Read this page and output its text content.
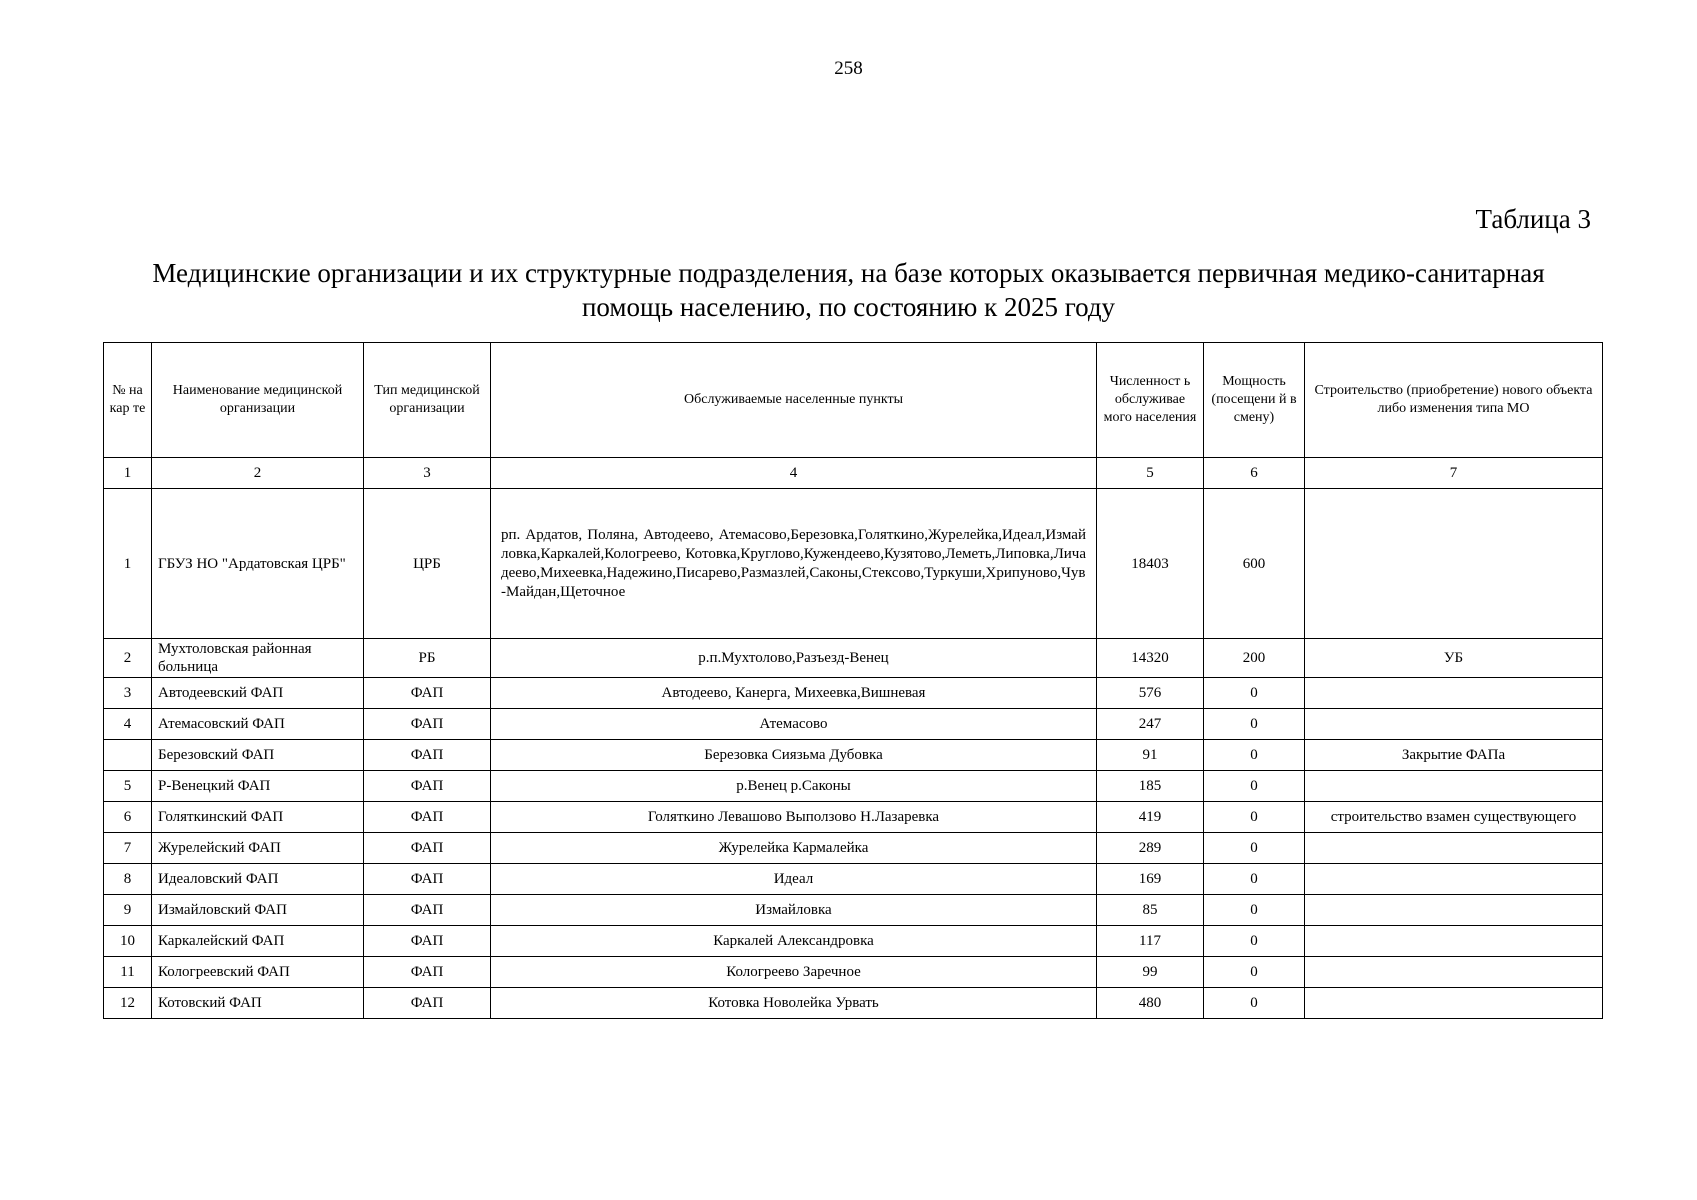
258
Таблица 3
Медицинские организации и их структурные подразделения, на базе которых оказывается первичная медико-санитарная
помощь населению, по состоянию к 2025 году
№ на кар те	Наименование медицинской организации	Тип медицинской организации	Обслуживаемые населенные пункты	Численност ь обслуживае мого населения	Мощность (посещени й в смену)	Строительство (приобретение) нового объекта либо изменения типа МО
1	2	3	4	5	6	7
1	ГБУЗ НО "Ардатовская ЦРБ"	ЦРБ	рп. Ардатов, Поляна, Автодеево, Атемасово,Березовка,Голяткино,Журелейка,Идеал,Измайловка,Каркалей,Кологреево, Котовка,Круглово,Кужендеево,Кузятово,Леметь,Липовка,Личадеево,Михеевка,Надежино,Писарево,Размазлей,Саконы,Стексово,Туркуши,Хрипуново,Чув-Майдан,Щеточное	18403	600	
2	Мухтоловская районная больница	РБ	р.п.Мухтолово,Разъезд-Венец	14320	200	УБ
3	Автодеевский ФАП	ФАП	Автодеево, Канерга, Михеевка,Вишневая	576	0	
4	Атемасовский ФАП	ФАП	Атемасово	247	0	
	Березовский ФАП	ФАП	Березовка Сиязьма Дубовка	91	0	Закрытие ФАПа
5	Р-Венецкий ФАП	ФАП	р.Венец р.Саконы	185	0	
6	Голяткинский ФАП	ФАП	Голяткино Левашово Выползово Н.Лазаревка	419	0	строительство взамен существующего
7	Журелейский ФАП	ФАП	Журелейка Кармалейка	289	0	
8	Идеаловский ФАП	ФАП	Идеал	169	0	
9	Измайловский ФАП	ФАП	Измайловка	85	0	
10	Каркалейский ФАП	ФАП	Каркалей Александровка	117	0	
11	Кологреевский ФАП	ФАП	Кологреево Заречное	99	0	
12	Котовский ФАП	ФАП	Котовка Новолейка Урвать	480	0	
